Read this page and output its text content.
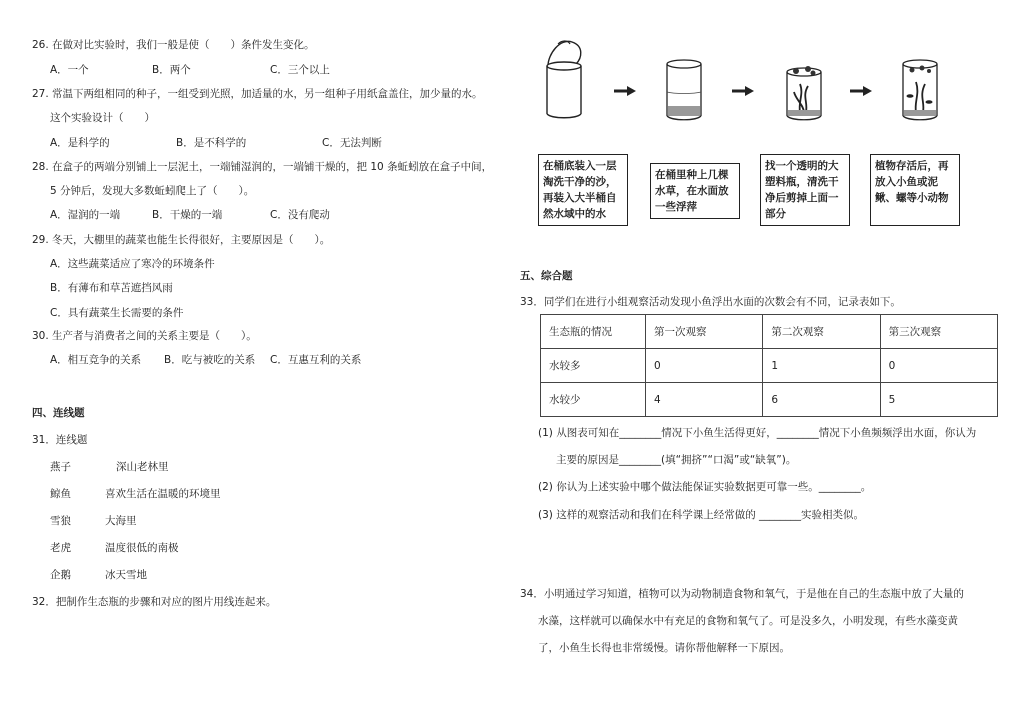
26. 在做对比实验时，我们一般是使（　　）条件发生变化。
A．一个	B．两个	C．三个以上
27. 常温下两组相同的种子，一组受到光照，加适量的水，另一组种子用纸盒盖住，加少量的水。
这个实验设计（　　）
A．是科学的	B．是不科学的	C．无法判断
28. 在盒子的两端分别铺上一层泥土，一端铺湿润的，一端铺干燥的，把 10 条蚯蚓放在盒子中间，
5 分钟后，发现大多数蚯蚓爬上了（　　）。
A．湿润的一端	B．干燥的一端	C．没有爬动
29. 冬天，大棚里的蔬菜也能生长得很好，主要原因是（　　）。
A．这些蔬菜适应了寒冷的环境条件
B．有薄布和草苫遮挡风雨
C．具有蔬菜生长需要的条件
30. 生产者与消费者之间的关系主要是（　　）。
A．相互竞争的关系 B．吃与被吃的关系 C．互惠互利的关系
四、连线题
31．连线题
燕子	深山老林里
鲸鱼	喜欢生活在温暖的环境里
雪狼	大海里
老虎	温度很低的南极
企鹅	冰天雪地
32．把制作生态瓶的步骤和对应的图片用线连起来。
在桶底装入一层淘洗干净的沙，再装入大半桶自然水域中的水
在桶里种上几棵水草，在水面放一些浮萍
找一个透明的大塑料瓶，清洗干净后剪掉上面一部分
植物存活后，再放入小鱼或泥鳅、螺等小动物
五、综合题
33．同学们在进行小组观察活动发现小鱼浮出水面的次数会有不同，记录表如下。
生态瓶的情况	第一次观察	第二次观察	第三次观察
水较多	0	1	0
水较少	4	6	5
(1) 从图表可知在________情况下小鱼生活得更好，________情况下小鱼频频浮出水面，你认为
主要的原因是________(填“拥挤”“口渴”或“缺氧”)。
(2) 你认为上述实验中哪个做法能保证实验数据更可靠一些。________。
(3) 这样的观察活动和我们在科学课上经常做的 ________实验相类似。
34．小明通过学习知道，植物可以为动物制造食物和氧气，于是他在自己的生态瓶中放了大量的
水藻，这样就可以确保水中有充足的食物和氧气了。可是没多久，小明发现，有些水藻变黄
了，小鱼生长得也非常缓慢。请你帮他解释一下原因。
